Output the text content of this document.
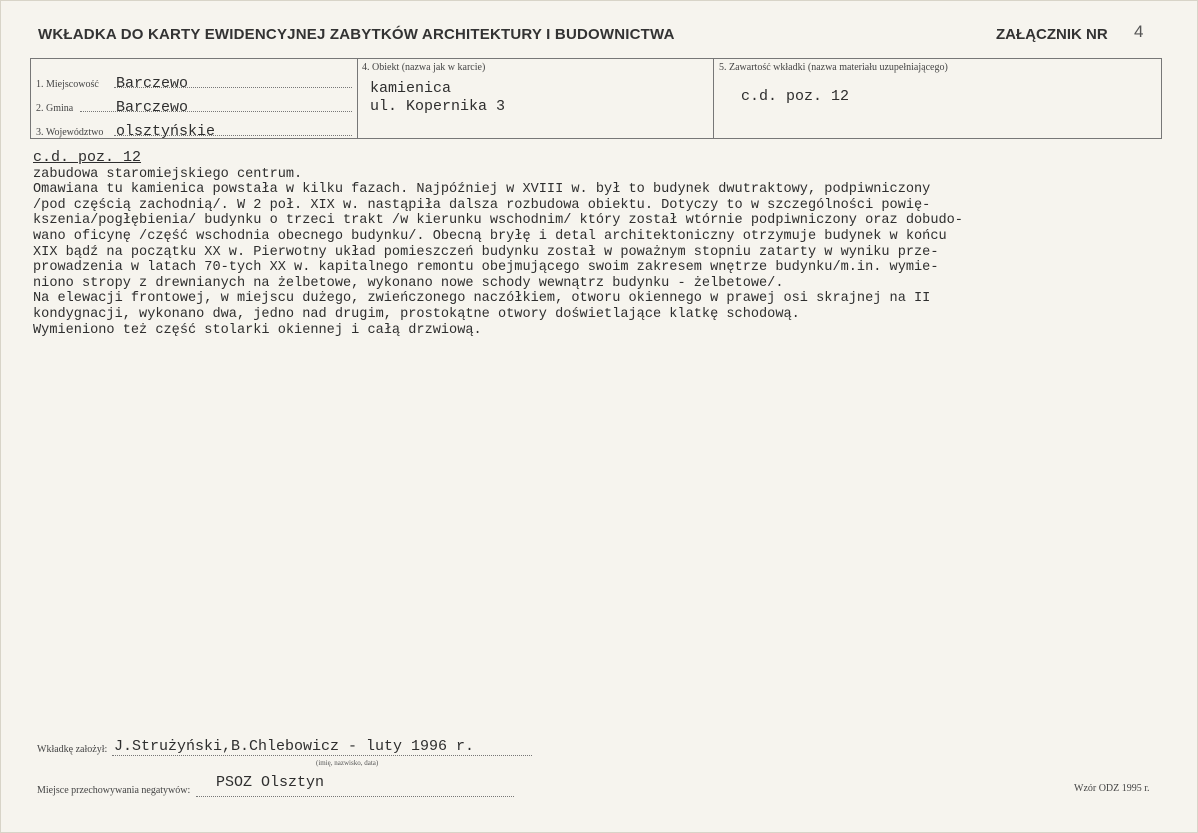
WKŁADKA DO KARTY EWIDENCYJNEJ ZABYTKÓW ARCHITEKTURY I BUDOWNICTWA	ZAŁĄCZNIK NR 4
1. Miejscowość Barczewo
2. Gmina	Barczewo
3. Województwo olsztyńskie
4. Obiekt (nazwa jak w karcie)
kamienica
ul. Kopernika 3
5. Zawartość wkładki (nazwa materiału uzupełniającego)
c.d. poz. 12
c.d. poz. 12
zabudowa staromiejskiego centrum.
Omawiana tu kamienica powstała w kilku fazach. Najpóźniej w XVIII w. był to budynek dwutraktowy, podpiwniczony
/pod częścią zachodnią/. W 2 poł. XIX w. nastąpiła dalsza rozbudowa obiektu. Dotyczy to w szczególności powię-
kszenia/pogłębienia/ budynku o trzeci trakt /w kierunku wschodnim/ który został wtórnie podpiwniczony oraz dobudo-
wano oficynę /część wschodnia obecnego budynku/. Obecną bryłę i detal architektoniczny otrzymuje budynek w końcu
XIX bądź na początku XX w. Pierwotny układ pomieszczeń budynku został w poważnym stopniu zatarty w wyniku prze-
prowadzenia w latach 70-tych XX w. kapitalnego remontu obejmującego swoim zakresem wnętrze budynku/m.in. wymie-
niono stropy z drewnianych na żelbetowe, wykonano nowe schody wewnątrz budynku - żelbetowe/.
Na elewacji frontowej, w miejscu dużego, zwieńczonego naczółkiem, otworu okiennego w prawej osi skrajnej na II
kondygnacji, wykonano dwa, jedno nad drugim, prostokątne otwory doświetlające klatkę schodową.
Wymieniono też część stolarki okiennej i całą drzwiową.
Wkładkę założył: J.Strużyński,B.Chlebowicz - luty 1996 r.
(imię, nazwisko, data)
Miejsce przechowywania negatywów: PSOZ Olsztyn	Wzór ODZ 1995 r.
